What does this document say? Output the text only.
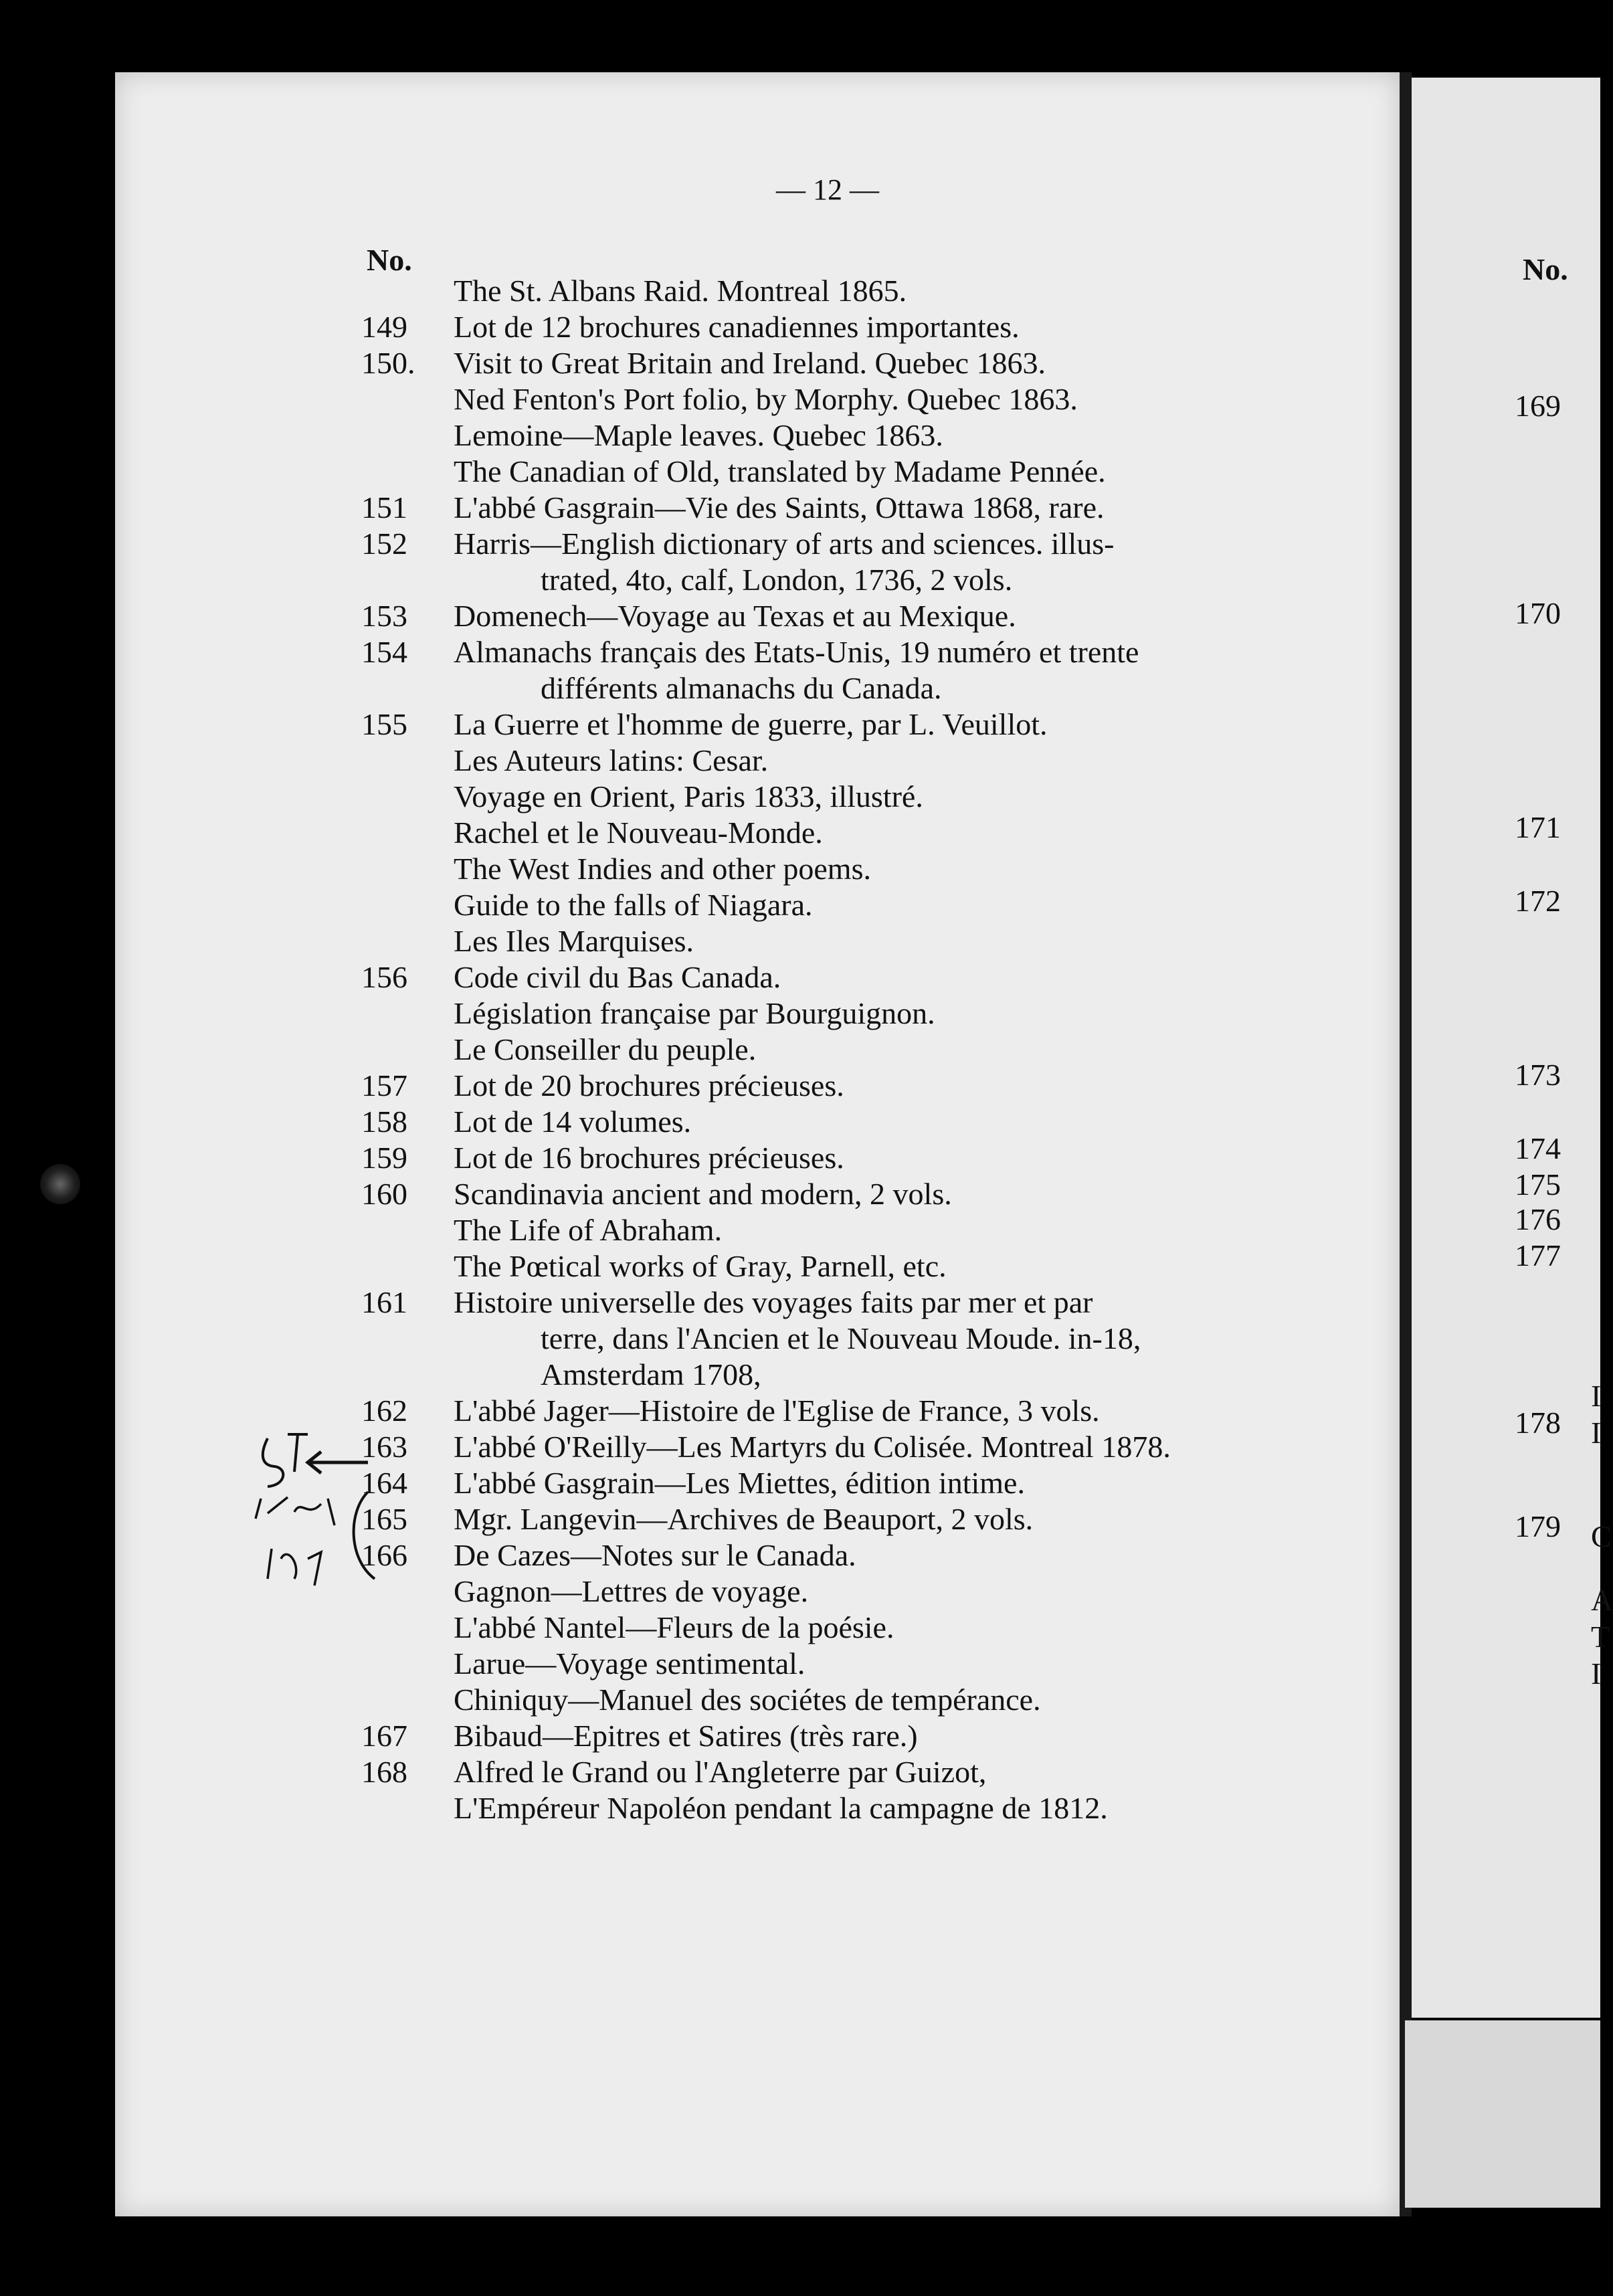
— 12 —
No.
The St. Albans Raid. Montreal 1865.
149 Lot de 12 brochures canadiennes importantes.
150. Visit to Great Britain and Ireland. Quebec 1863.
Ned Fenton's Port folio, by Morphy. Quebec 1863.
Lemoine—Maple leaves. Quebec 1863.
The Canadian of Old, translated by Madame Pennée.
151 L'abbé Gasgrain—Vie des Saints, Ottawa 1868, rare.
152 Harris—English dictionary of arts and sciences. illus-
trated, 4to, calf, London, 1736, 2 vols.
153 Domenech—Voyage au Texas et au Mexique.
154 Almanachs français des Etats-Unis, 19 numéro et trente
différents almanachs du Canada.
155 La Guerre et l'homme de guerre, par L. Veuillot.
Les Auteurs latins: Cesar.
Voyage en Orient, Paris 1833, illustré.
Rachel et le Nouveau-Monde.
The West Indies and other poems.
Guide to the falls of Niagara.
Les Iles Marquises.
156 Code civil du Bas Canada.
Législation française par Bourguignon.
Le Conseiller du peuple.
157 Lot de 20 brochures précieuses.
158 Lot de 14 volumes.
159 Lot de 16 brochures précieuses.
160 Scandinavia ancient and modern, 2 vols.
The Life of Abraham.
The Pœtical works of Gray, Parnell, etc.
161 Histoire universelle des voyages faits par mer et par
terre, dans l'Ancien et le Nouveau Moude. in-18,
Amsterdam 1708,
162 L'abbé Jager—Histoire de l'Eglise de France, 3 vols.
163 L'abbé O'Reilly—Les Martyrs du Colisée. Montreal 1878.
164 L'abbé Gasgrain—Les Miettes, édition intime.
165 Mgr. Langevin—Archives de Beauport, 2 vols.
166 De Cazes—Notes sur le Canada.
Gagnon—Lettres de voyage.
L'abbé Nantel—Fleurs de la poésie.
Larue—Voyage sentimental.
Chiniquy—Manuel des sociétes de tempérance.
167 Bibaud—Epitres et Satires (très rare.)
168 Alfred le Grand ou l'Angleterre par Guizot,
L'Empéreur Napoléon pendant la campagne de 1812.
No.
169
170
171
172
173
174
175
176
177
178
179
I
I
C
A
T
I
